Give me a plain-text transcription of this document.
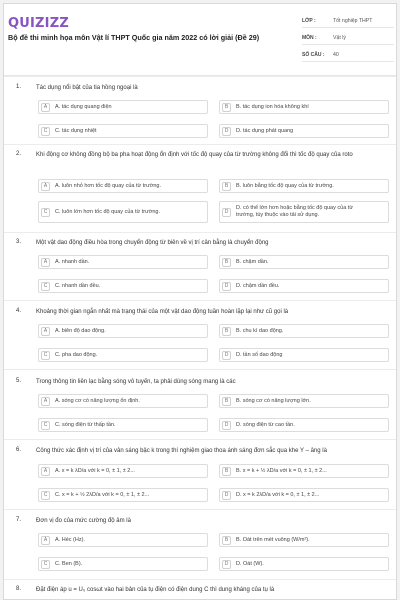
QUIZIZZ
Bộ đề thi minh họa môn Vật lí THPT Quốc gia năm 2022 có lời giải (Đề 29)
LỚP :	Tốt nghiệp THPT
MÔN :	Vật lý
SỐ CÂU :	40
1. Tác dụng nổi bật của tia hồng ngoại là
A	A. tác dụng quang điện	B	B. tác dụng ion hóa không khí
C	C. tác dụng nhiệt	D	D. tác dụng phát quang
2. Khi động cơ không đồng bộ ba pha hoạt động ổn định với tốc độ quay của từ trường không đổi thì tốc độ quay của roto
A	A. luôn nhỏ hơn tốc độ quay của từ trường.	B	B. luôn bằng tốc độ quay của từ trường.
C	C. luôn lớn hơn tốc độ quay của từ trường.	D
D. có thể lớn hơn hoặc bằng tốc độ quay của từ
trường, tùy thuộc vào tải sử dụng.
3. Một vật dao động điều hòa trong chuyển động từ biên về vị trí cân bằng là chuyển động
A	A. nhanh dần.	B	B. chậm dần.
C	C. nhanh dần đều.	D	D. chậm dần đều.
4. Khoảng thời gian ngắn nhất mà trạng thái của một vật dao động tuần hoàn lặp lại như cũ gọi là
A	A. biên độ dao động.	B	B. chu kì dao động.
C	C. pha dao động.	D	D. tần số dao động
5. Trong thông tin liên lạc bằng sóng vô tuyến, ta phải dùng sóng mang là các
A	A. sóng cơ có năng lượng ổn định.	B	B. sóng cơ có năng lượng lớn.
C	C. sóng điện từ thấp tần.	D	D. sóng điện từ cao tần.
6. Công thức xác định vị trí của vân sáng bậc k trong thí nghiệm giao thoa ánh sáng đơn sắc qua khe Y – âng là
A	A. x = k λD/a với k = 0, ± 1, ± 2...	B	B. x = k + ½ λD/a với k = 0, ± 1, ± 2...
C	C. x = k + ½ 2λD/a với k = 0, ± 1, ± 2...	D	D. x = k 2λD/a với k = 0, ± 1, ± 2...
7. Đơn vị đo của mức cường độ âm là
A	A. Héc (Hz).	B	B. Oát trên mét vuông (W/m²).
C	C. Ben (B).	D	D. Oát (W).
8. Đặt điện áp u = U₀ cosωt vào hai bản của tụ điện có điện dung C thì dung kháng của tụ là
